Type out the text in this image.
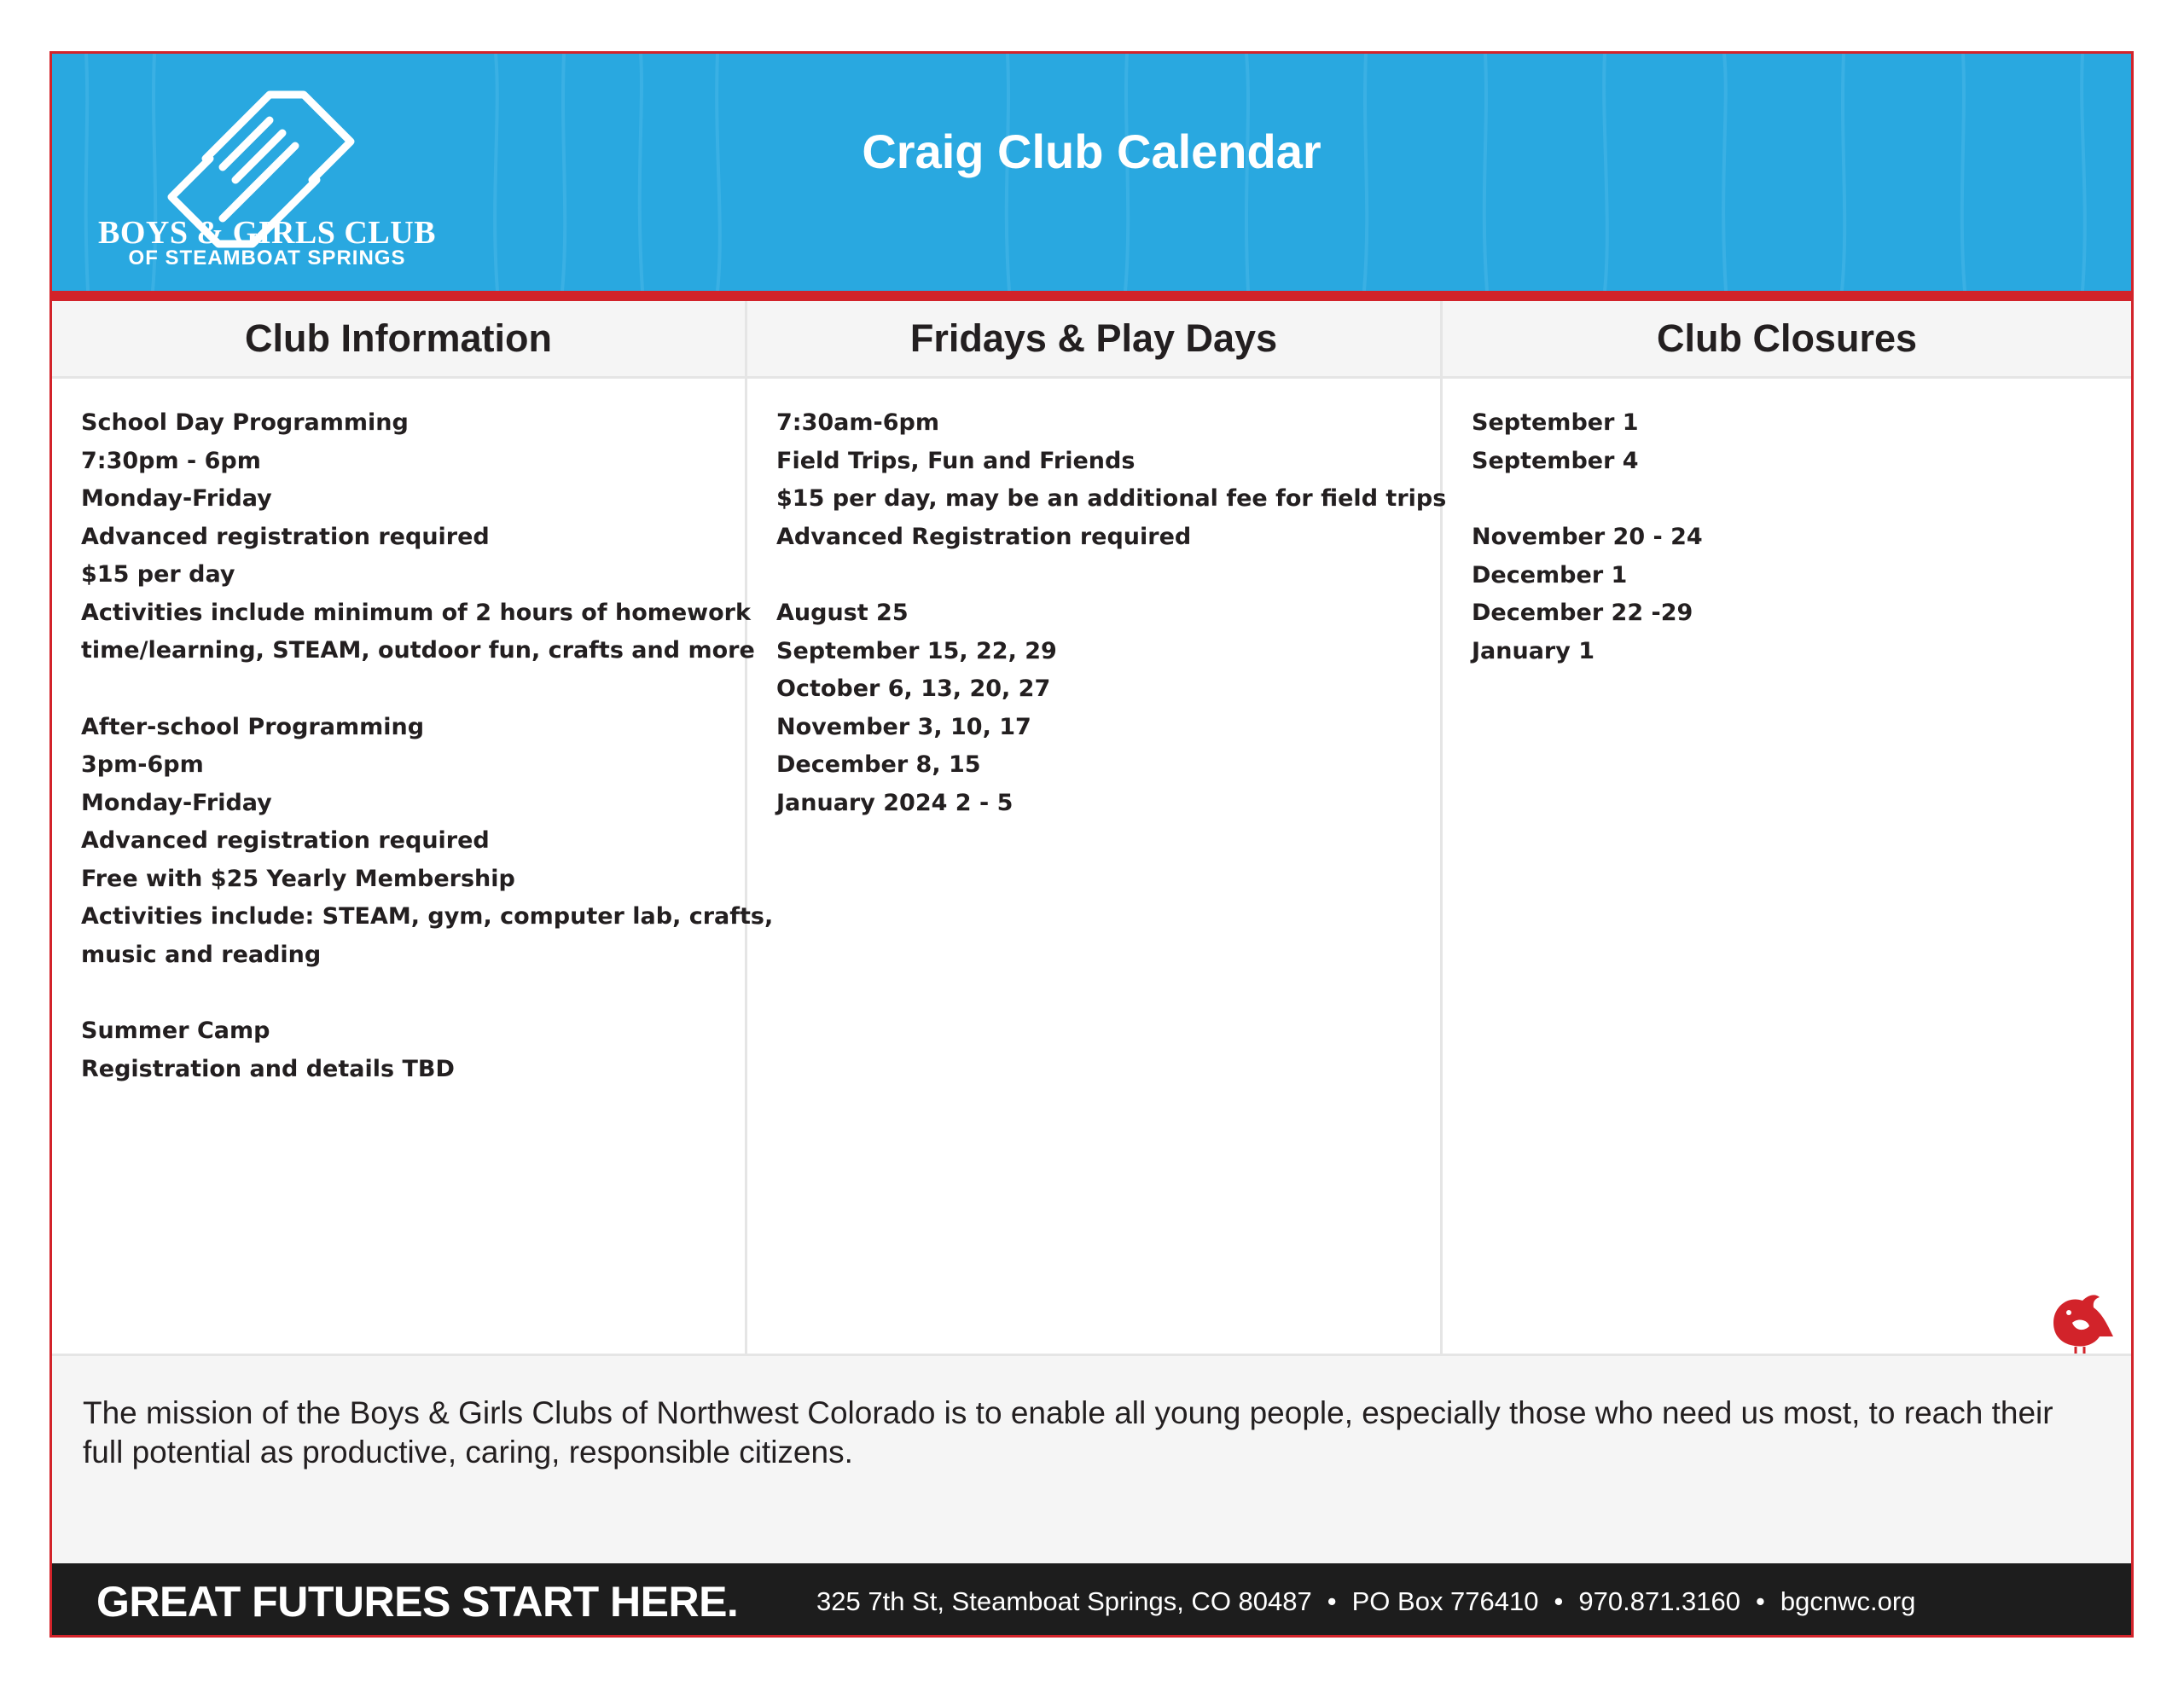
BOYS & GIRLS CLUB
OF STEAMBOAT SPRINGS
Craig Club Calendar
Club Information
School Day Programming
7:30pm - 6pm
Monday-Friday
Advanced registration required
$15 per day
Activities include minimum of 2 hours of homework
time/learning, STEAM, outdoor fun, crafts and more
After-school Programming
3pm-6pm
Monday-Friday
Advanced registration required
Free with $25 Yearly Membership
Activities include: STEAM, gym, computer lab, crafts,
music and reading
Summer Camp
Registration and details TBD
Fridays & Play Days
7:30am-6pm
Field Trips, Fun and Friends
$15 per day, may be an additional fee for field trips
Advanced Registration required
August 25
September 15, 22, 29
October 6, 13, 20, 27
November 3, 10, 17
December 8, 15
January 2024 2 - 5
Club Closures
September 1
September 4
November 20 - 24
December 1
December 22 -29
January 1
The mission of the Boys & Girls Clubs of Northwest Colorado is to enable all young people, especially those who need us most, to reach their full potential as productive, caring, responsible citizens.
GREAT FUTURES START HERE.	325 7th St, Steamboat Springs, CO 80487 • PO Box 776410 • 970.871.3160 • bgcnwc.org
